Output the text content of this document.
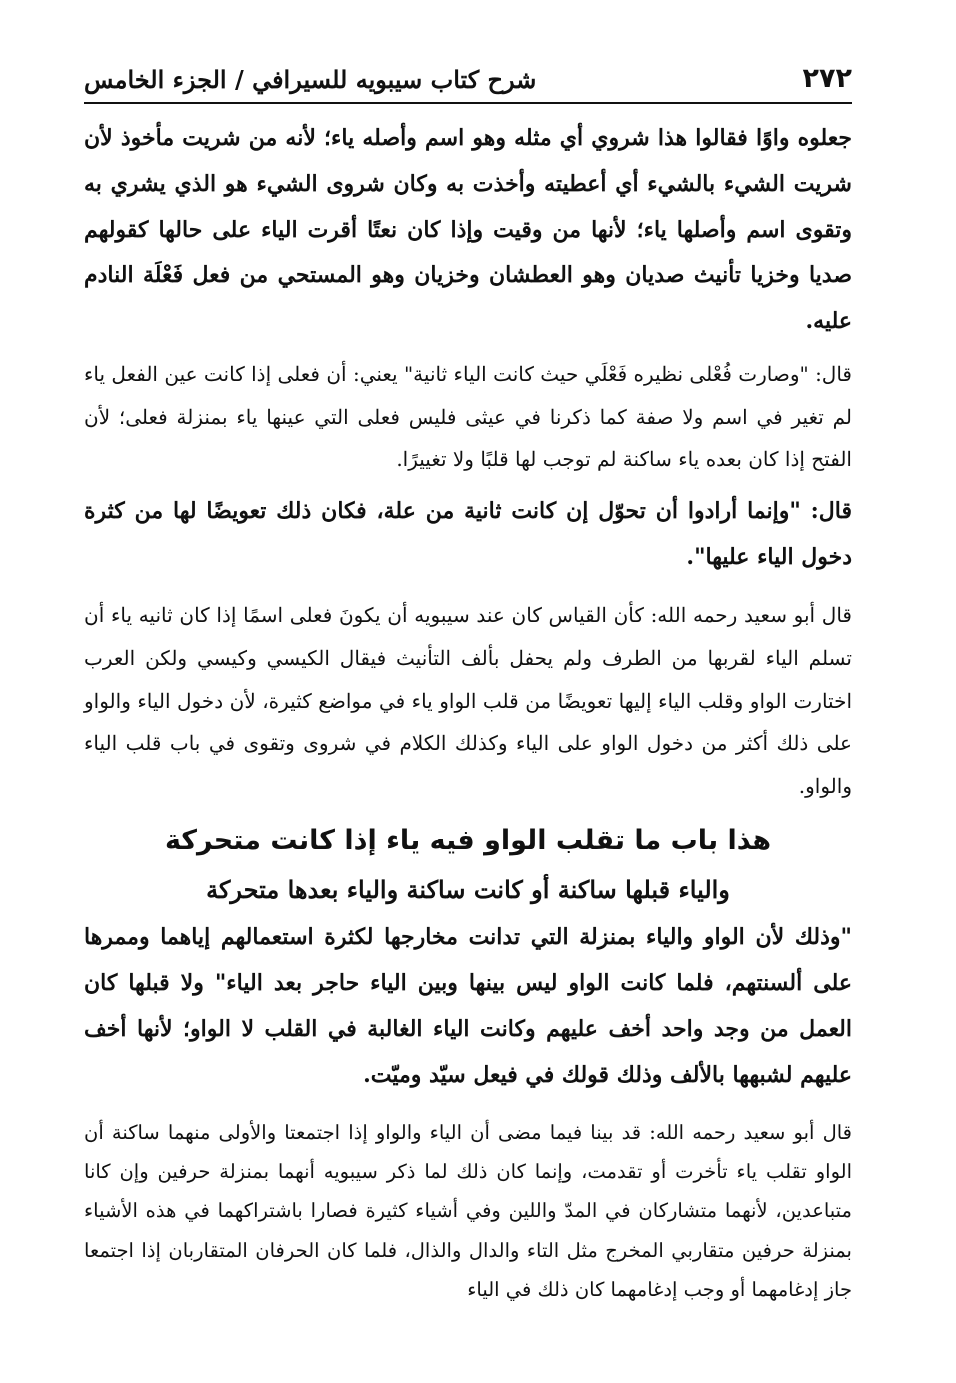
٢٧٢
شرح كتاب سيبويه للسيرافي / الجزء الخامس

جعلوه واوًا فقالوا هذا شروي أي مثله وهو اسم وأصله ياء؛ لأنه من شريت مأخوذ لأن شريت الشيء بالشيء أي أعطيته وأخذت به وكان شروى الشيء هو الذي يشري به وتقوى اسم وأصلها ياء؛ لأنها من وقيت وإذا كان نعتًا أقرت الياء على حالها كقولهم صديا وخزيا تأنيث صديان وهو العطشان وخزيان وهو المستحي من فعل فَعْلَة النادم عليه.

قال: "وصارت فُعْلى نظيره فَعْلَي حيث كانت الياء ثانية" يعني: أن فعلى إذا كانت عين الفعل ياء لم تغير في اسم ولا صفة كما ذكرنا في عيثى فليس فعلى التي عينها ياء بمنزلة فعلى؛ لأن الفتح إذا كان بعده ياء ساكنة لم توجب لها قلبًا ولا تغييرًا.

قال: "وإنما أرادوا أن تحوّل إن كانت ثانية من علة، فكان ذلك تعويضًا لها من كثرة دخول الياء عليها".

قال أبو سعيد رحمه الله: كأن القياس كان عند سيبويه أن يكونَ فعلى اسمًا إذا كان ثانيه ياء أن تسلم الياء لقربها من الطرف ولم يحفل بألف التأنيث فيقال الكيسي وكيسي ولكن العرب اختارت الواو وقلب الياء إليها تعويضًا من قلب الواو ياء في مواضع كثيرة، لأن دخول الياء والواو على ذلك أكثر من دخول الواو على الياء وكذلك الكلام في شروى وتقوى في باب قلب الياء والواو.

هذا باب ما تقلب الواو فيه ياء إذا كانت متحركة
والياء قبلها ساكنة أو كانت ساكنة والياء بعدها متحركة

"وذلك لأن الواو والياء بمنزلة التي تدانت مخارجها لكثرة استعمالهم إياهما وممرها على ألسنتهم، فلما كانت الواو ليس بينها وبين الياء حاجر بعد الياء" ولا قبلها كان العمل من وجد واحد أخف عليهم وكانت الياء الغالبة في القلب لا الواو؛ لأنها أخف عليهم لشبهها بالألف وذلك قولك في فيعل سيّد وميّت.

قال أبو سعيد رحمه الله: قد بينا فيما مضى أن الياء والواو إذا اجتمعتا والأولى منهما ساكنة أن الواو تقلب ياء تأخرت أو تقدمت، وإنما كان ذلك لما ذكر سيبويه أنهما بمنزلة حرفين وإن كانا متباعدين، لأنهما متشاركان في المدّ واللين وفي أشياء كثيرة فصارا باشتراكهما في هذه الأشياء بمنزلة حرفين متقاربي المخرج مثل التاء والدال والذال، فلما كان الحرفان المتقاربان إذا اجتمعا جاز إدغامهما أو وجب إدغامهما كان ذلك في الياء
